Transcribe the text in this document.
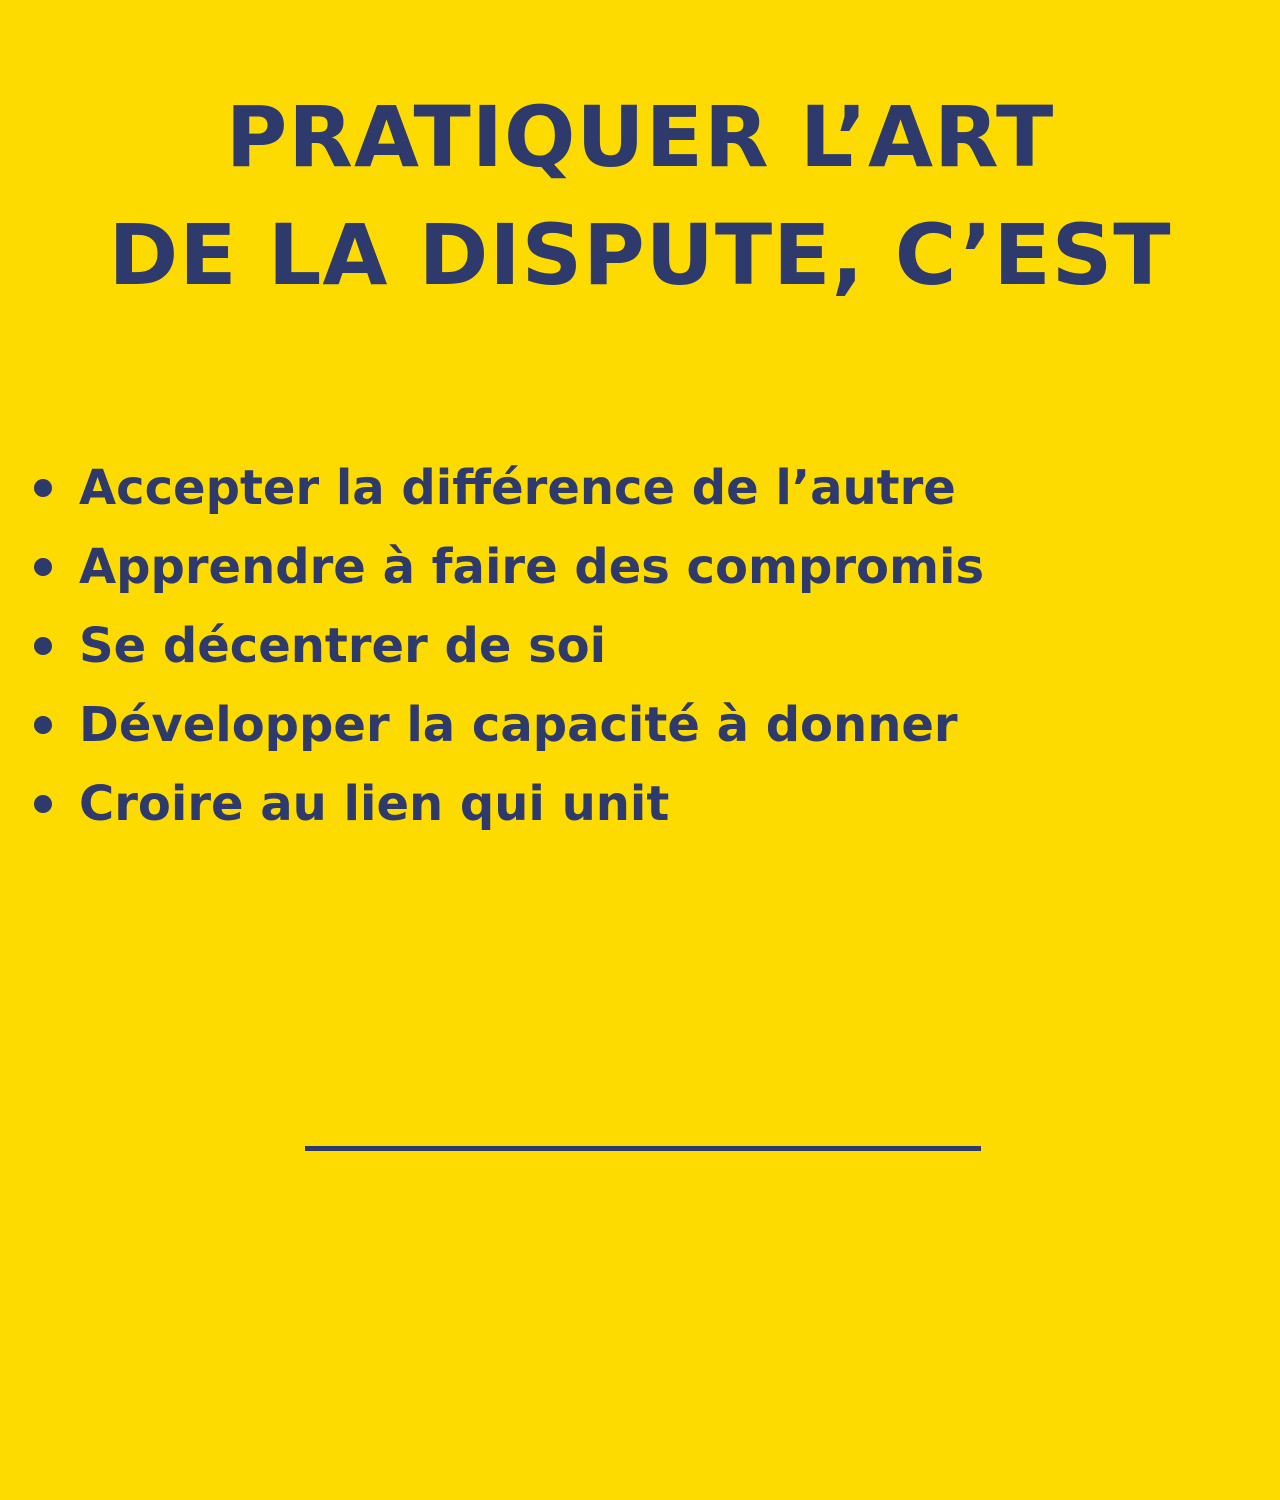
PRATIQUER L’ART
DE LA DISPUTE, C’EST
Accepter la différence de l’autre
Apprendre à faire des compromis
Se décentrer de soi
Développer la capacité à donner
Croire au lien qui unit
